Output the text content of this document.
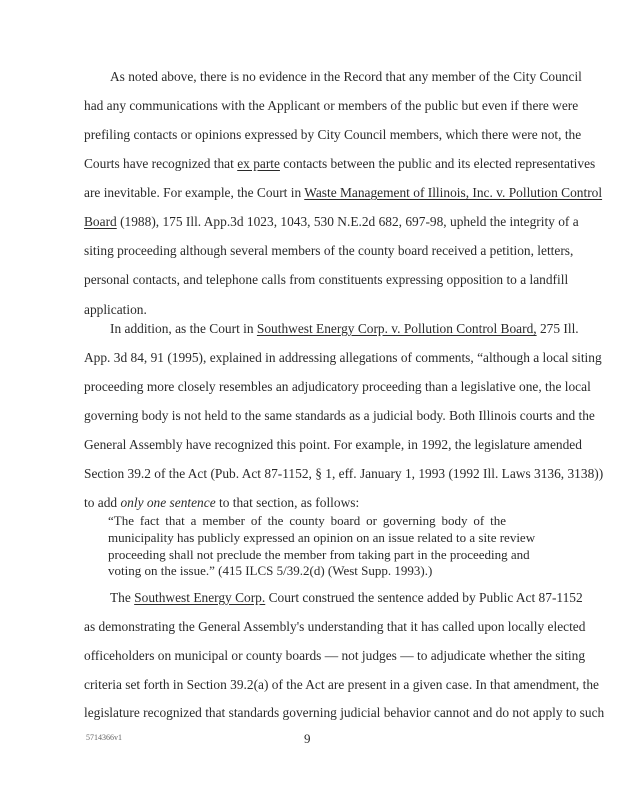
As noted above, there is no evidence in the Record that any member of the City Council
had any communications with the Applicant or members of the public but even if there were
prefiling contacts or opinions expressed by City Council members, which there were not, the
Courts have recognized that ex parte contacts between the public and its elected representatives
are inevitable. For example, the Court in Waste Management of Illinois, Inc. v. Pollution Control
Board (1988), 175 Ill. App.3d 1023, 1043, 530 N.E.2d 682, 697-98, upheld the integrity of a
siting proceeding although several members of the county board received a petition, letters,
personal contacts, and telephone calls from constituents expressing opposition to a landfill
application.
In addition, as the Court in Southwest Energy Corp. v. Pollution Control Board, 275 Ill.
App. 3d 84, 91 (1995), explained in addressing allegations of comments, “although a local siting
proceeding more closely resembles an adjudicatory proceeding than a legislative one, the local
governing body is not held to the same standards as a judicial body. Both Illinois courts and the
General Assembly have recognized this point. For example, in 1992, the legislature amended
Section 39.2 of the Act (Pub. Act 87-1152, § 1, eff. January 1, 1993 (1992 Ill. Laws 3136, 3138))
to add only one sentence to that section, as follows:
“The fact that a member of the county board or governing body of the
municipality has publicly expressed an opinion on an issue related to a site review
proceeding shall not preclude the member from taking part in the proceeding and
voting on the issue.” (415 ILCS 5/39.2(d) (West Supp. 1993).)
The Southwest Energy Corp. Court construed the sentence added by Public Act 87-1152
as demonstrating the General Assembly's understanding that it has called upon locally elected
officeholders on municipal or county boards — not judges — to adjudicate whether the siting
criteria set forth in Section 39.2(a) of the Act are present in a given case. In that amendment, the
legislature recognized that standards governing judicial behavior cannot and do not apply to such
5714366v1	9
